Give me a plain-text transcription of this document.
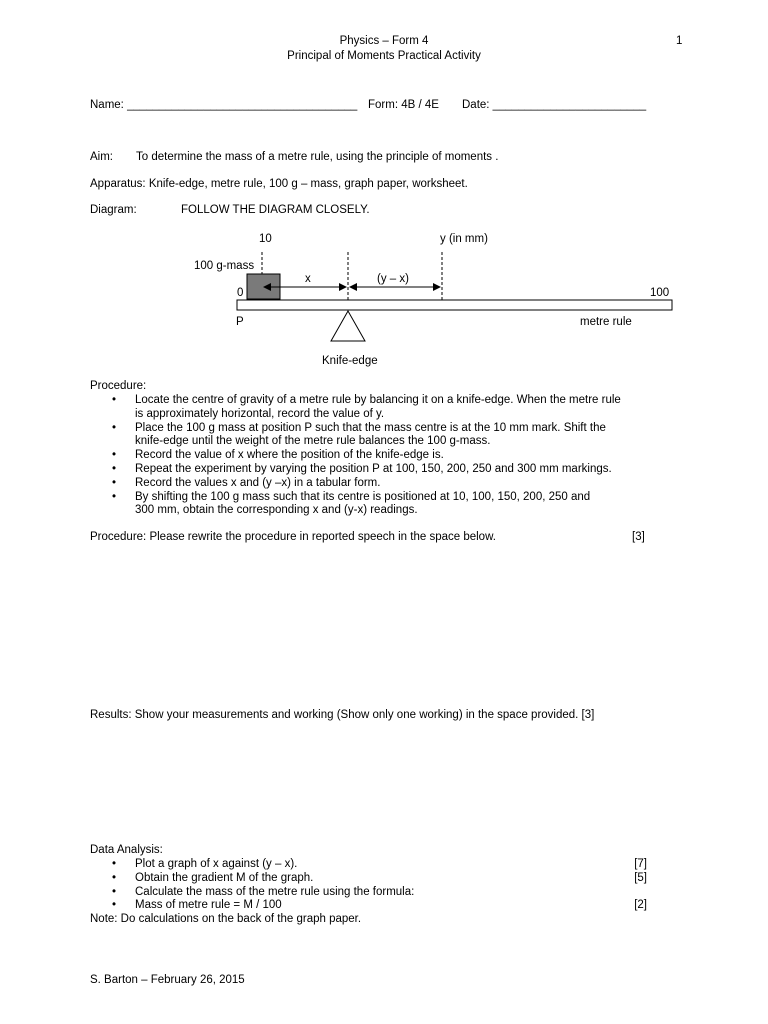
Physics – Form 4
Principal of Moments Practical Activity
1
Name: ____________________________________ Form: 4B / 4E Date: ________________________
Aim: To determine the mass of a metre rule, using the principle of moments .
Apparatus: Knife-edge, metre rule, 100 g – mass, graph paper, worksheet.
Diagram:	FOLLOW THE DIAGRAM CLOSELY.
10	y (in mm)
100 g-mass
x	(y – x)
0	100
P	metre rule
Knife-edge
Procedure:
• Locate the centre of gravity of a metre rule by balancing it on a knife-edge. When the metre rule
is approximately horizontal, record the value of y.
• Place the 100 g mass at position P such that the mass centre is at the 10 mm mark. Shift the
knife-edge until the weight of the metre rule balances the 100 g-mass.
• Record the value of x where the position of the knife-edge is.
• Repeat the experiment by varying the position P at 100, 150, 200, 250 and 300 mm markings.
• Record the values x and (y –x) in a tabular form.
• By shifting the 100 g mass such that its centre is positioned at 10, 100, 150, 200, 250 and
300 mm, obtain the corresponding x and (y-x) readings.
Procedure: Please rewrite the procedure in reported speech in the space below.	[3]
Results: Show your measurements and working (Show only one working) in the space provided. [3]
Data Analysis:
• Plot a graph of x against (y – x).	[7]
• Obtain the gradient M of the graph.	[5]
• Calculate the mass of the metre rule using the formula:
• Mass of metre rule = M / 100	[2]
Note: Do calculations on the back of the graph paper.
S. Barton – February 26, 2015
